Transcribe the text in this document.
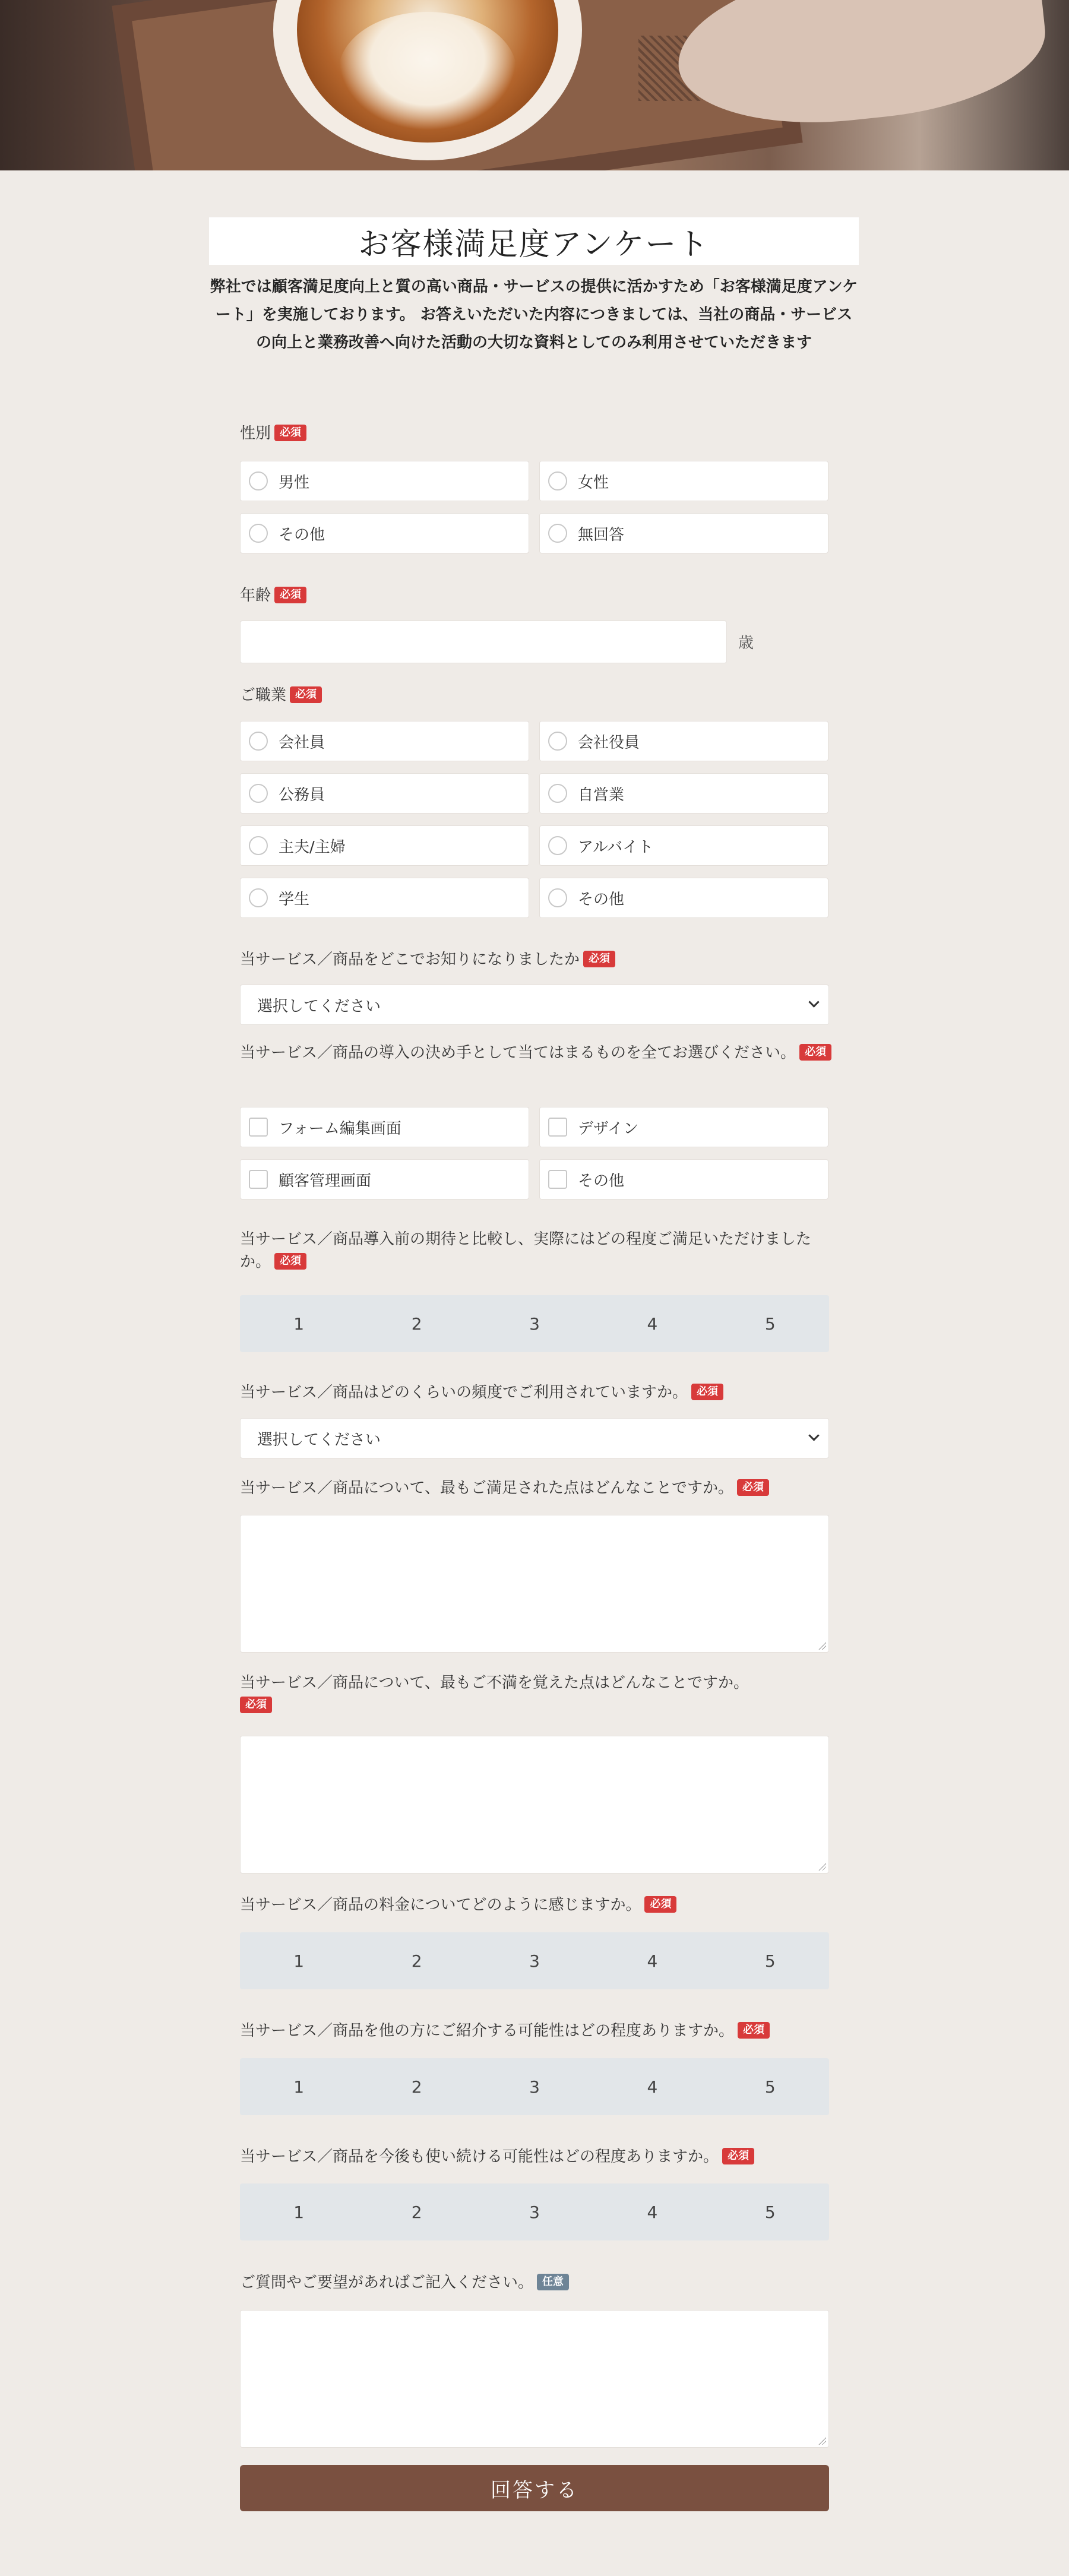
お客様満足度アンケート
弊社では顧客満足度向上と質の高い商品・サービスの提供に活かすため「お客様満足度アンケート」を実施しております。 お答えいただいた内容につきましては、当社の商品・サービスの向上と業務改善へ向けた活動の大切な資料としてのみ利用させていただきます
性別 必須
男性	女性
その他	無回答
年齢 必須
歳
ご職業 必須
会社員	会社役員
公務員	自営業
主夫/主婦	アルバイト
学生	その他
当サービス／商品をどこでお知りになりましたか 必須
選択してください
当サービス／商品の導入の決め手として当てはまるものを全てお選びください。 必須
フォーム編集画面	デザイン
顧客管理画面	その他
当サービス／商品導入前の期待と比較し、実際にはどの程度ご満足いただけましたか。 必須
1	2	3	4	5
当サービス／商品はどのくらいの頻度でご利用されていますか。 必須
選択してください
当サービス／商品について、最もご満足された点はどんなことですか。 必須
当サービス／商品について、最もご不満を覚えた点はどんなことですか。
必須
当サービス／商品の料金についてどのように感じますか。 必須
1	2	3	4	5
当サービス／商品を他の方にご紹介する可能性はどの程度ありますか。 必須
1	2	3	4	5
当サービス／商品を今後も使い続ける可能性はどの程度ありますか。 必須
1	2	3	4	5
ご質問やご要望があればご記入ください。 任意
回答する
